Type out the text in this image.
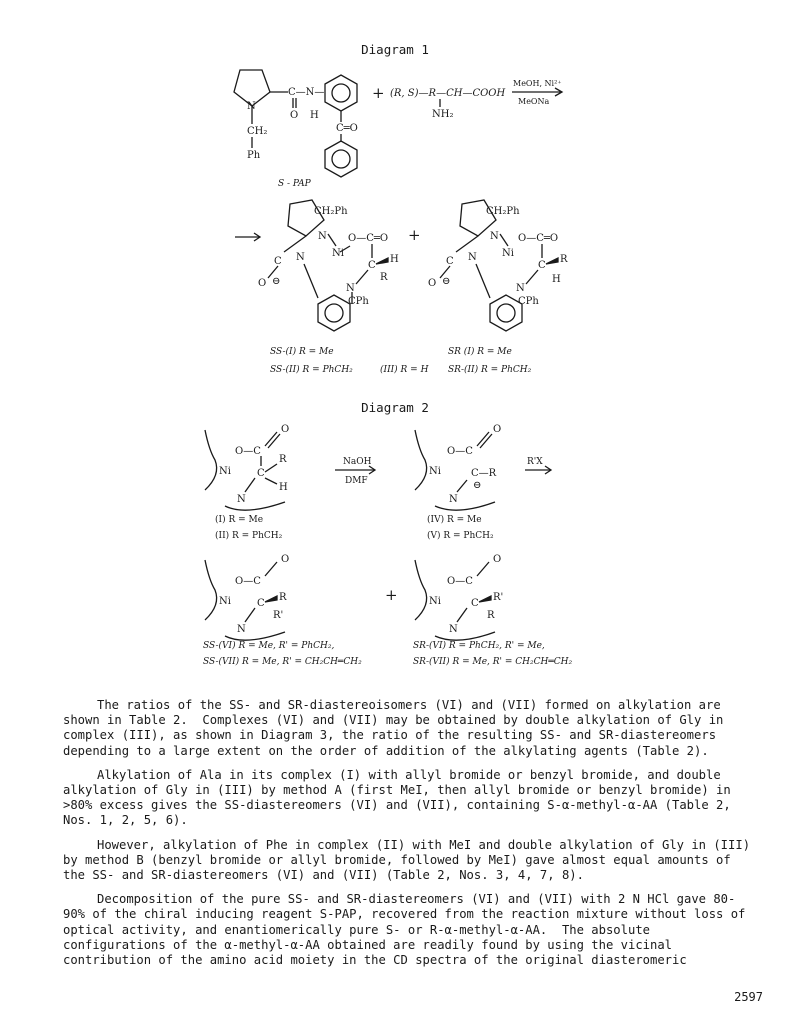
Diagram 1
N
CH₂
Ph
C—N—
O H
C═O
+ (R, S)—R—CH—COOH
NH₂
MeOH, Ni²⁺
MeONa
S - PAP
CH₂Ph
N
C
O ⊖
N	Ni
O—C═O
C
H
R
N
CPh
+
CH₂Ph
N
C
O ⊖
N	Ni
O—C═O
C
R
H
N
CPh
SS-(I) R = Me
SS-(II) R = PhCH₂	(III) R = H
SR (I) R = Me
SR-(II) R = PhCH₂
Diagram 2
Ni
O—C
O
C
R
H
N
(I) R = Me
(II) R = PhCH₂
NaOH
DMF
Ni
O—C
O
C—R
⊖
N
(IV) R = Me
(V) R = PhCH₂
R'X
Ni
O—C
O
C
R
R'
N
+	Ni
O—C
O
C
R'
R
N
SS-(VI) R = Me, R' = PhCH₂,
SS-(VII) R = Me, R' = CH₂CH═CH₂
SR-(VI) R = PhCH₂, R' = Me,
SR-(VII) R = Me, R' = CH₂CH═CH₂

The ratios of the SS- and SR-diastereoisomers (VI) and (VII) formed on alkylation are shown in Table 2.  Complexes (VI) and (VII) may be obtained by double alkylation of Gly in complex (III), as shown in Diagram 3, the ratio of the resulting SS- and SR-diastereomers depending to a large extent on the order of addition of the alkylating agents (Table 2).

Alkylation of Ala in its complex (I) with allyl bromide or benzyl bromide, and double alkylation of Gly in (III) by method A (first MeI, then allyl bromide or benzyl bromide) in >80% excess gives the SS-diastereomers (VI) and (VII), containing S-α-methyl-α-AA (Table 2, Nos. 1, 2, 5, 6).

However, alkylation of Phe in complex (II) with MeI and double alkylation of Gly in (III) by method B (benzyl bromide or allyl bromide, followed by MeI) gave almost equal amounts of the SS- and SR-diastereomers (VI) and (VII) (Table 2, Nos. 3, 4, 7, 8).

Decomposition of the pure SS- and SR-diastereomers (VI) and (VII) with 2 N HCl gave 80-90% of the chiral inducing reagent S-PAP, recovered from the reaction mixture without loss of optical activity, and enantiomerically pure S- or R-α-methyl-α-AA.  The absolute configurations of the α-methyl-α-AA obtained are readily found by using the vicinal contribution of the amino acid moiety in the CD spectra of the original diasteromeric

2597
